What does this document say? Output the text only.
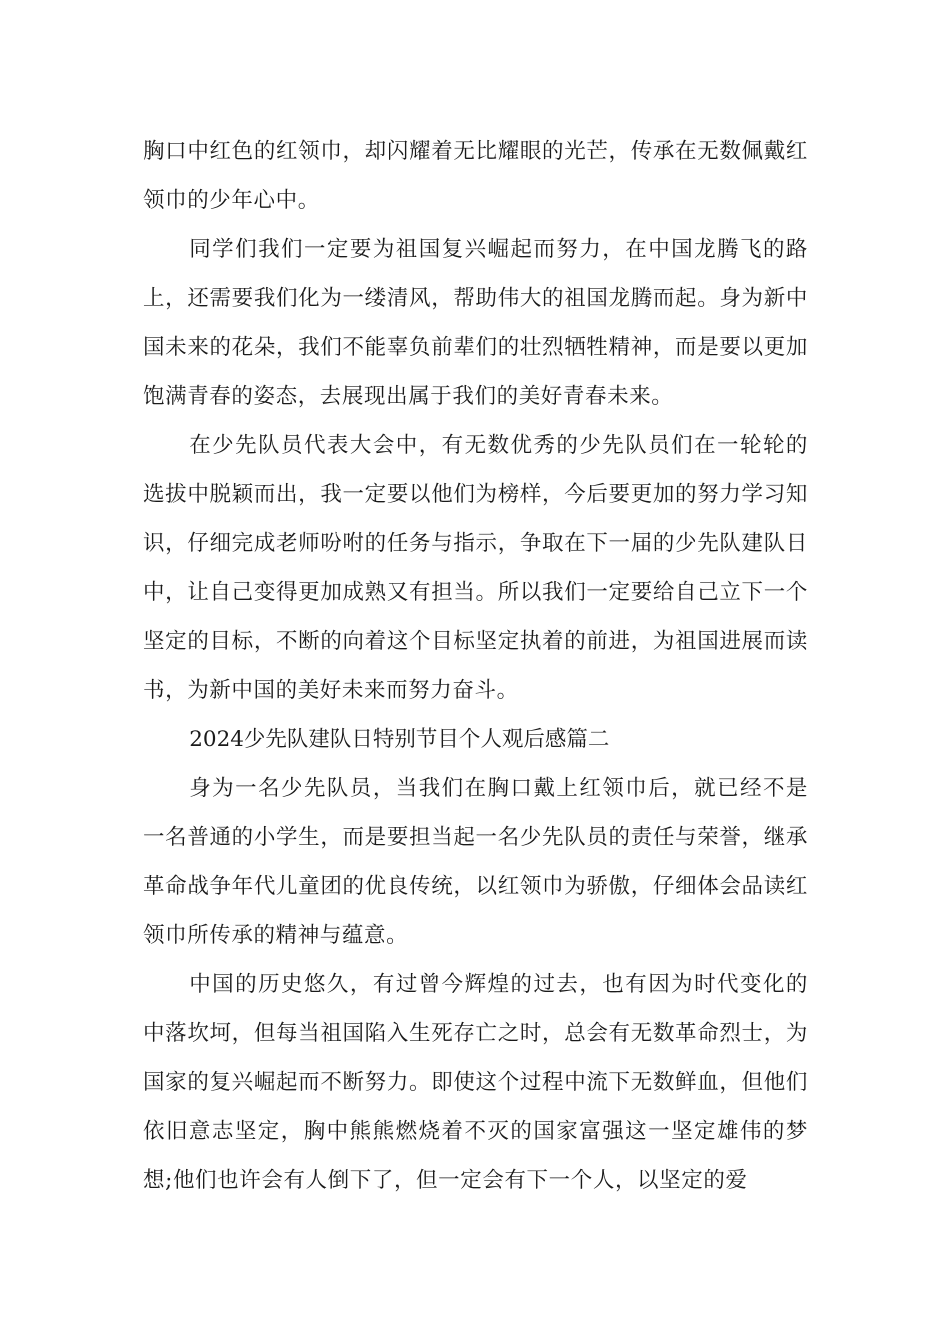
胸口中红色的红领巾，却闪耀着无比耀眼的光芒，传承在无数佩戴红领巾的少年心中。

同学们我们一定要为祖国复兴崛起而努力，在中国龙腾飞的路上，还需要我们化为一缕清风，帮助伟大的祖国龙腾而起。身为新中国未来的花朵，我们不能辜负前辈们的壮烈牺牲精神，而是要以更加饱满青春的姿态，去展现出属于我们的美好青春未来。

在少先队员代表大会中，有无数优秀的少先队员们在一轮轮的选拔中脱颖而出，我一定要以他们为榜样，今后要更加的努力学习知识，仔细完成老师吩咐的任务与指示，争取在下一届的少先队建队日中，让自己变得更加成熟又有担当。所以我们一定要给自己立下一个坚定的目标，不断的向着这个目标坚定执着的前进，为祖国进展而读书，为新中国的美好未来而努力奋斗。

2024少先队建队日特别节目个人观后感篇二

身为一名少先队员，当我们在胸口戴上红领巾后，就已经不是一名普通的小学生，而是要担当起一名少先队员的责任与荣誉，继承革命战争年代儿童团的优良传统，以红领巾为骄傲，仔细体会品读红领巾所传承的精神与蕴意。

中国的历史悠久，有过曾今辉煌的过去，也有因为时代变化的中落坎坷，但每当祖国陷入生死存亡之时，总会有无数革命烈士，为国家的复兴崛起而不断努力。即使这个过程中流下无数鲜血，但他们依旧意志坚定，胸中熊熊燃烧着不灭的国家富强这一坚定雄伟的梦想;他们也许会有人倒下了，但一定会有下一个人，以坚定的爱
